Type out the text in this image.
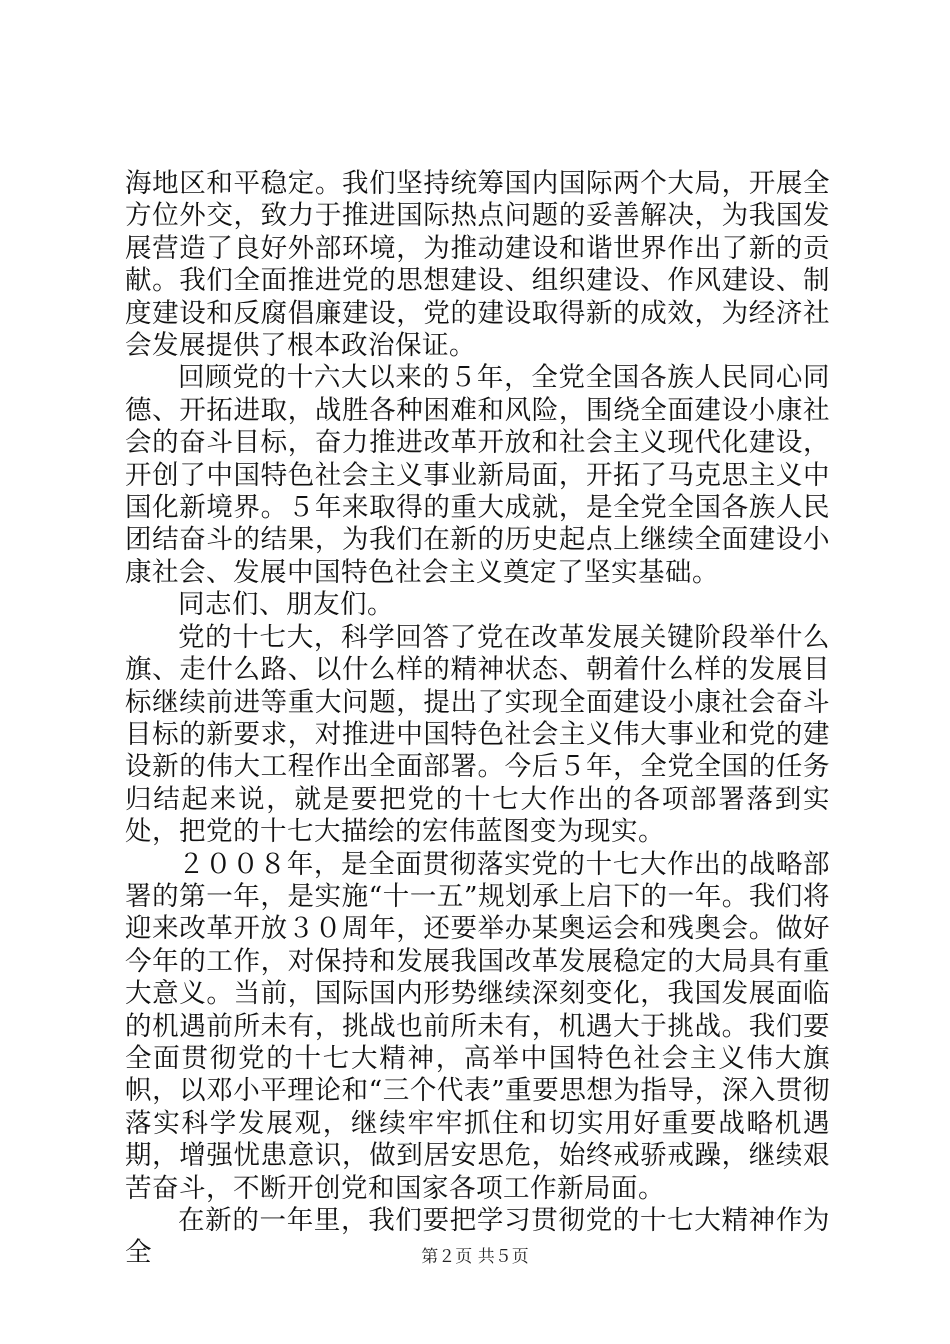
海地区和平稳定。我们坚持统筹国内国际两个大局，开展全方位外交，致力于推进国际热点问题的妥善解决，为我国发展营造了良好外部环境，为推动建设和谐世界作出了新的贡献。我们全面推进党的思想建设、组织建设、作风建设、制度建设和反腐倡廉建设，党的建设取得新的成效，为经济社会发展提供了根本政治保证。

回顾党的十六大以来的５年，全党全国各族人民同心同德、开拓进取，战胜各种困难和风险，围绕全面建设小康社会的奋斗目标，奋力推进改革开放和社会主义现代化建设，开创了中国特色社会主义事业新局面，开拓了马克思主义中国化新境界。５年来取得的重大成就，是全党全国各族人民团结奋斗的结果，为我们在新的历史起点上继续全面建设小康社会、发展中国特色社会主义奠定了坚实基础。

同志们、朋友们。

党的十七大，科学回答了党在改革发展关键阶段举什么旗、走什么路、以什么样的精神状态、朝着什么样的发展目标继续前进等重大问题，提出了实现全面建设小康社会奋斗目标的新要求，对推进中国特色社会主义伟大事业和党的建设新的伟大工程作出全面部署。今后５年，全党全国的任务归结起来说，就是要把党的十七大作出的各项部署落到实处，把党的十七大描绘的宏伟蓝图变为现实。

２００８年，是全面贯彻落实党的十七大作出的战略部署的第一年，是实施“十一五”规划承上启下的一年。我们将迎来改革开放３０周年，还要举办某奥运会和残奥会。做好今年的工作，对保持和发展我国改革发展稳定的大局具有重大意义。当前，国际国内形势继续深刻变化，我国发展面临的机遇前所未有，挑战也前所未有，机遇大于挑战。我们要全面贯彻党的十七大精神，高举中国特色社会主义伟大旗帜，以邓小平理论和“三个代表”重要思想为指导，深入贯彻落实科学发展观，继续牢牢抓住和切实用好重要战略机遇期，增强忧患意识，做到居安思危，始终戒骄戒躁，继续艰苦奋斗，不断开创党和国家各项工作新局面。

在新的一年里，我们要把学习贯彻党的十七大精神作为全	第２页 共５页
